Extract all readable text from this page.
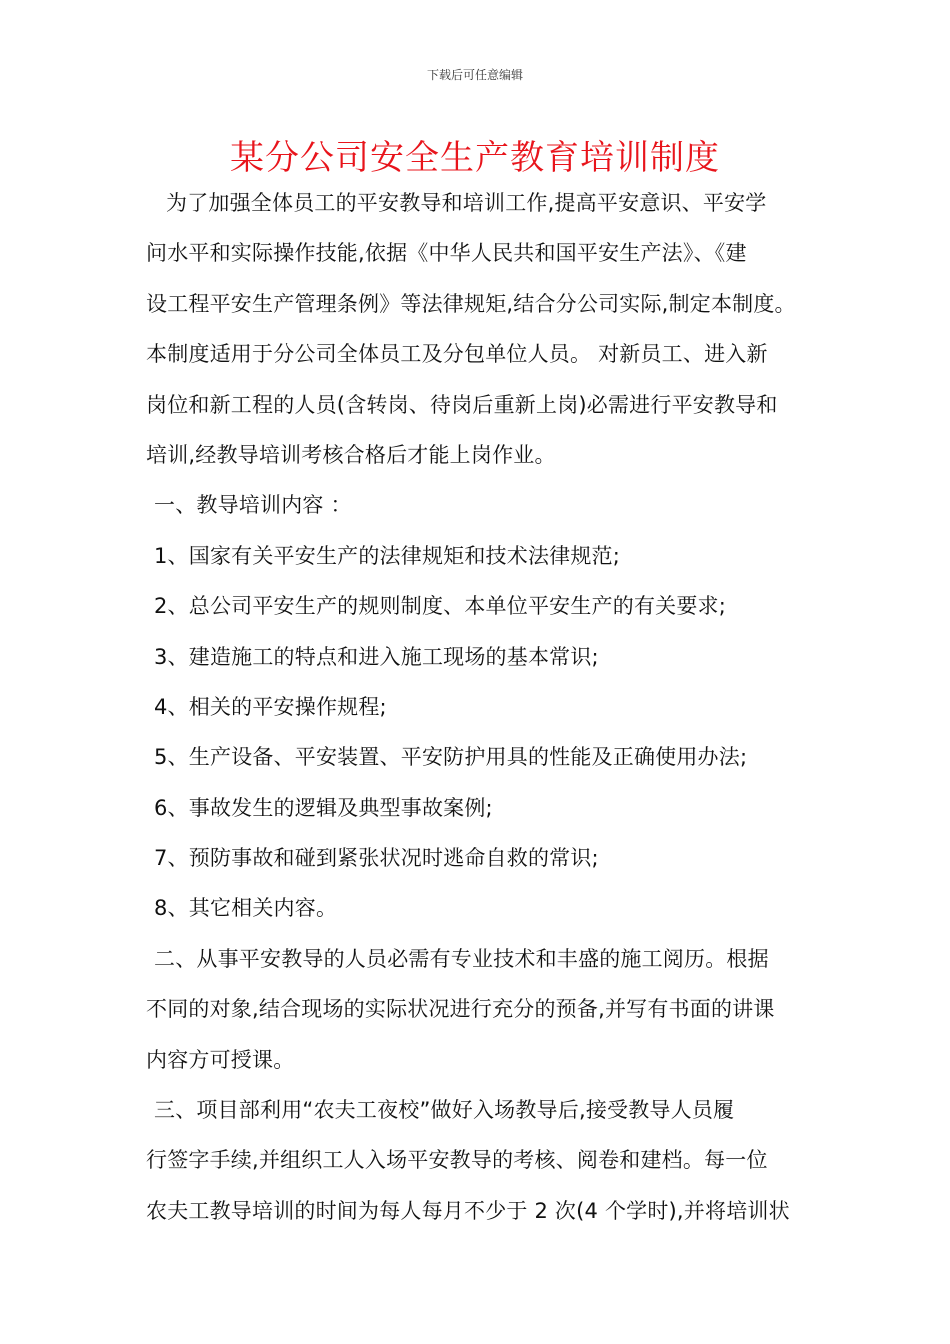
下载后可任意编辑
某分公司安全生产教育培训制度
为了加强全体员工的平安教导和培训工作,提高平安意识、平安学
问水平和实际操作技能,依据《中华人民共和国平安生产法》、《建
设工程平安生产管理条例》等法律规矩,结合分公司实际,制定本制度。
本制度适用于分公司全体员工及分包单位人员。 对新员工、进入新
岗位和新工程的人员(含转岗、待岗后重新上岗)必需进行平安教导和
培训,经教导培训考核合格后才能上岗作业。
一、教导培训内容 ：
1、国家有关平安生产的法律规矩和技术法律规范;
2、总公司平安生产的规则制度、本单位平安生产的有关要求;
3、建造施工的特点和进入施工现场的基本常识;
4、相关的平安操作规程;
5、生产设备、平安装置、平安防护用具的性能及正确使用办法;
6、事故发生的逻辑及典型事故案例;
7、预防事故和碰到紧张状况时逃命自救的常识;
8、其它相关内容。
二、从事平安教导的人员必需有专业技术和丰盛的施工阅历。根据
不同的对象,结合现场的实际状况进行充分的预备,并写有书面的讲课
内容方可授课。
三、项目部利用“农夫工夜校”做好入场教导后,接受教导人员履
行签字手续,并组织工人入场平安教导的考核、阅卷和建档。每一位
农夫工教导培训的时间为每人每月不少于 2 次(4 个学时),并将培训状
